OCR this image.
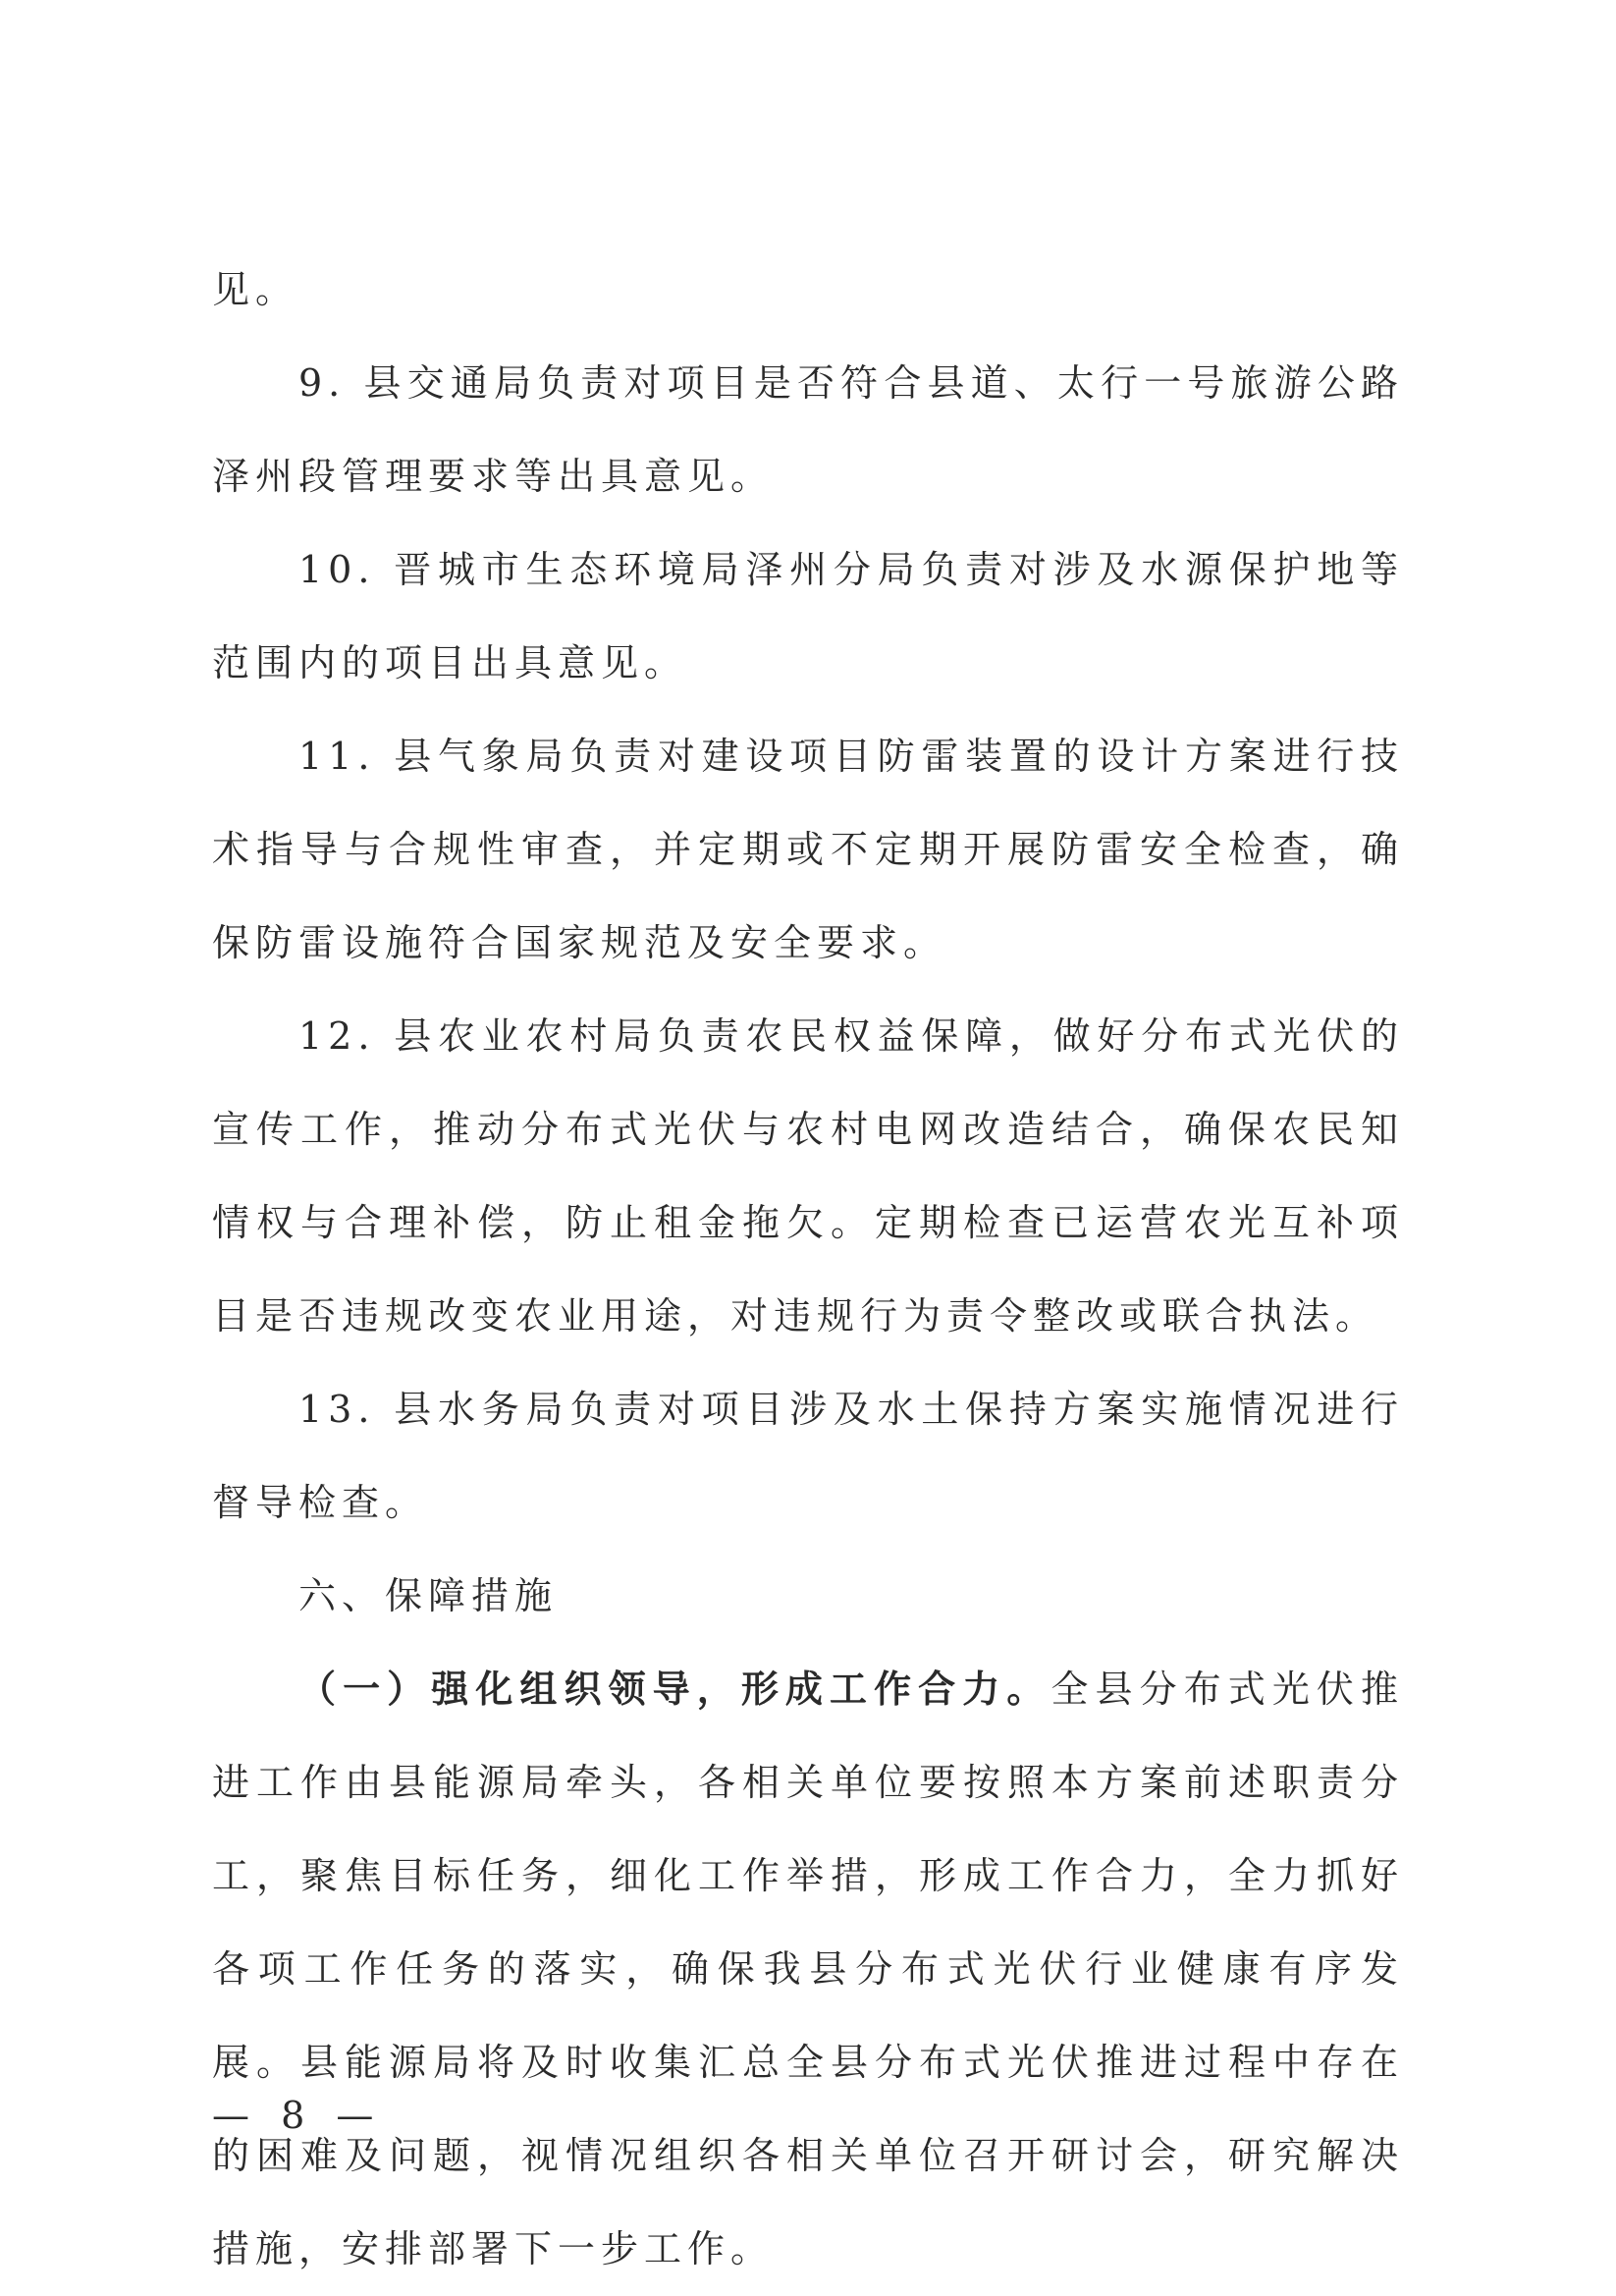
见。

9. 县交通局负责对项目是否符合县道、太行一号旅游公路泽州段管理要求等出具意见。

10. 晋城市生态环境局泽州分局负责对涉及水源保护地等范围内的项目出具意见。

11. 县气象局负责对建设项目防雷装置的设计方案进行技术指导与合规性审查，并定期或不定期开展防雷安全检查，确保防雷设施符合国家规范及安全要求。

12. 县农业农村局负责农民权益保障，做好分布式光伏的宣传工作，推动分布式光伏与农村电网改造结合，确保农民知情权与合理补偿，防止租金拖欠。定期检查已运营农光互补项目是否违规改变农业用途，对违规行为责令整改或联合执法。

13. 县水务局负责对项目涉及水土保持方案实施情况进行督导检查。

六、保障措施

（一）强化组织领导，形成工作合力。全县分布式光伏推进工作由县能源局牵头，各相关单位要按照本方案前述职责分工，聚焦目标任务，细化工作举措，形成工作合力，全力抓好各项工作任务的落实，确保我县分布式光伏行业健康有序发展。县能源局将及时收集汇总全县分布式光伏推进过程中存在的困难及问题，视情况组织各相关单位召开研讨会，研究解决措施，安排部署下一步工作。

— 8 —
